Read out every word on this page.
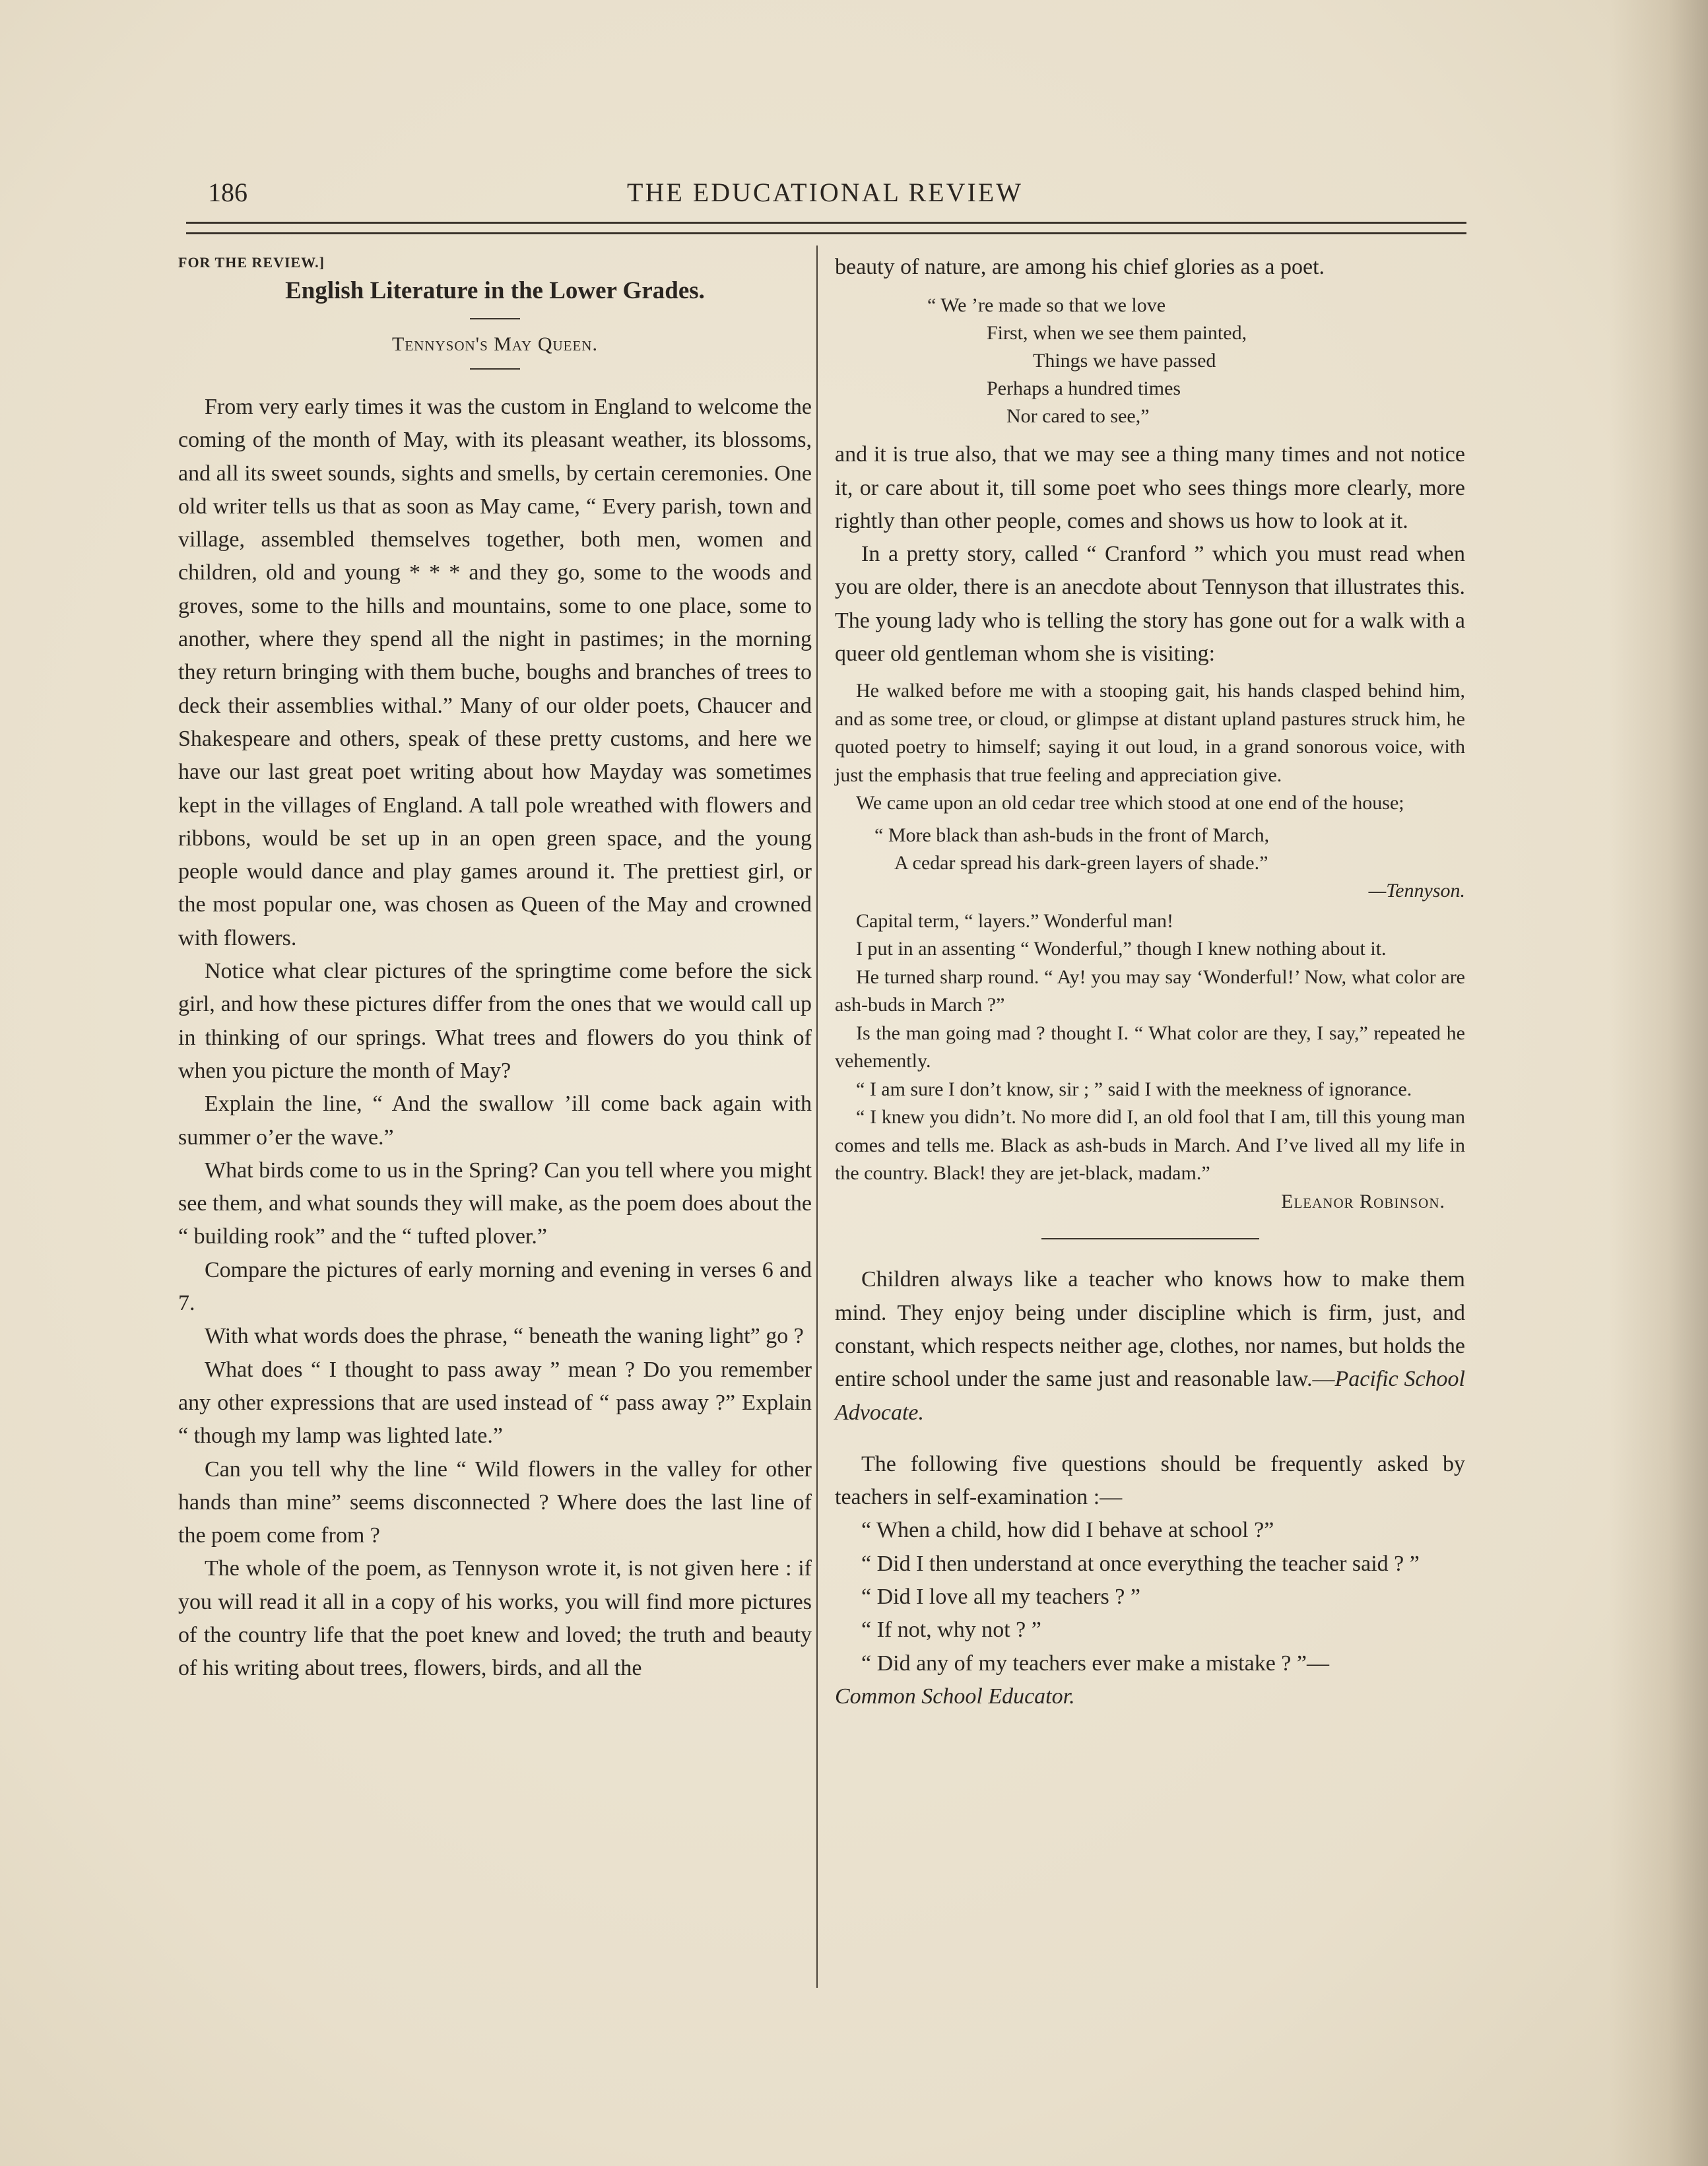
186	THE EDUCATIONAL REVIEW

FOR THE REVIEW.]

English Literature in the Lower Grades.

Tennyson's May Queen.

From very early times it was the custom in England to welcome the coming of the month of May, with its pleasant weather, its blossoms, and all its sweet sounds, sights and smells, by certain ceremonies. One old writer tells us that as soon as May came, “ Every parish, town and village, assembled themselves together, both men, women and children, old and young * * * and they go, some to the woods and groves, some to the hills and mountains, some to one place, some to another, where they spend all the night in pastimes; in the morning they return bringing with them buche, boughs and branches of trees to deck their assemblies withal.” Many of our older poets, Chaucer and Shakespeare and others, speak of these pretty customs, and here we have our last great poet writing about how Mayday was sometimes kept in the villages of England. A tall pole wreathed with flowers and ribbons, would be set up in an open green space, and the young people would dance and play games around it. The prettiest girl, or the most popular one, was chosen as Queen of the May and crowned with flowers.

Notice what clear pictures of the springtime come before the sick girl, and how these pictures differ from the ones that we would call up in thinking of our springs. What trees and flowers do you think of when you picture the month of May?

Explain the line, “ And the swallow ’ill come back again with summer o’er the wave.”

What birds come to us in the Spring? Can you tell where you might see them, and what sounds they will make, as the poem does about the “ building rook” and the “ tufted plover.”

Compare the pictures of early morning and evening in verses 6 and 7.

With what words does the phrase, “ beneath the waning light” go ?

What does “ I thought to pass away ” mean ? Do you remember any other expressions that are used instead of “ pass away ?” Explain “ though my lamp was lighted late.”

Can you tell why the line “ Wild flowers in the valley for other hands than mine” seems disconnected ? Where does the last line of the poem come from ?

The whole of the poem, as Tennyson wrote it, is not given here : if you will read it all in a copy of his works, you will find more pictures of the country life that the poet knew and loved; the truth and beauty of his writing about trees, flowers, birds, and all the

beauty of nature, are among his chief glories as a poet.

“ We ’re made so that we love
First, when we see them painted,
Things we have passed
Perhaps a hundred times
Nor cared to see,”

and it is true also, that we may see a thing many times and not notice it, or care about it, till some poet who sees things more clearly, more rightly than other people, comes and shows us how to look at it.

In a pretty story, called “ Cranford ” which you must read when you are older, there is an anecdote about Tennyson that illustrates this. The young lady who is telling the story has gone out for a walk with a queer old gentleman whom she is visiting:

He walked before me with a stooping gait, his hands clasped behind him, and as some tree, or cloud, or glimpse at distant upland pastures struck him, he quoted poetry to himself; saying it out loud, in a grand sonorous voice, with just the emphasis that true feeling and appreciation give.

We came upon an old cedar tree which stood at one end of the house;

“ More black than ash-buds in the front of March,
A cedar spread his dark-green layers of shade.”
—Tennyson.

Capital term, “ layers.” Wonderful man!

I put in an assenting “ Wonderful,” though I knew nothing about it.

He turned sharp round. “ Ay! you may say ‘Wonderful!’ Now, what color are ash-buds in March ?”

Is the man going mad ? thought I. “ What color are they, I say,” repeated he vehemently.

“ I am sure I don’t know, sir ; ” said I with the meekness of ignorance.

“ I knew you didn’t. No more did I, an old fool that I am, till this young man comes and tells me. Black as ash-buds in March. And I’ve lived all my life in the country. Black! they are jet-black, madam.”

Eleanor Robinson.

Children always like a teacher who knows how to make them mind. They enjoy being under discipline which is firm, just, and constant, which respects neither age, clothes, nor names, but holds the entire school under the same just and reasonable law.—Pacific School Advocate.

The following five questions should be frequently asked by teachers in self-examination :—

“ When a child, how did I behave at school ?”

“ Did I then understand at once everything the teacher said ? ”

“ Did I love all my teachers ? ”

“ If not, why not ? ”

“ Did any of my teachers ever make a mistake ? ”—

Common School Educator.
